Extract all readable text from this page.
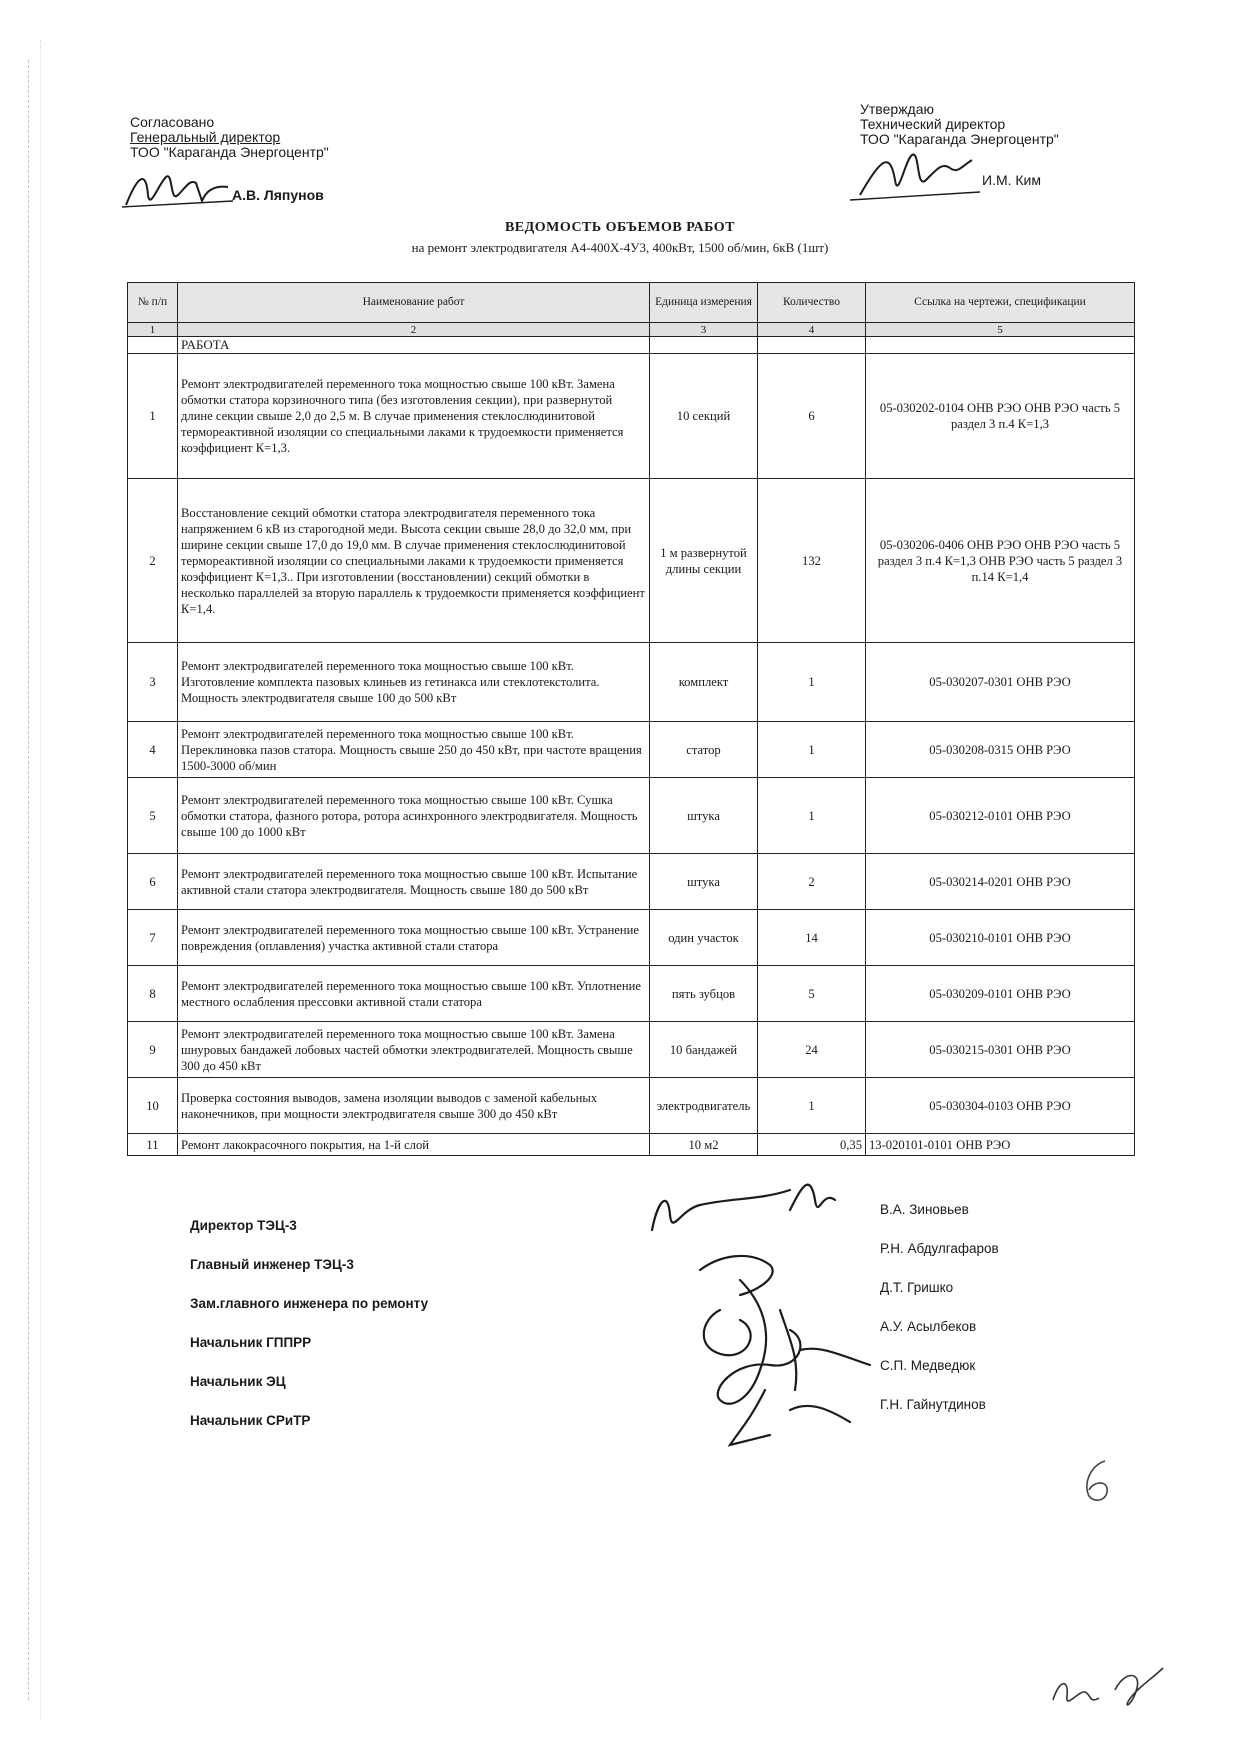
Согласовано
Генеральный директор
ТОО "Караганда Энергоцентр"
А.В. Ляпунов
Утверждаю
Технический директор
ТОО "Караганда Энергоцентр"
И.М. Ким
ВЕДОМОСТЬ ОБЪЕМОВ РАБОТ
на ремонт электродвигателя А4-400Х-4У3, 400кВт, 1500 об/мин, 6кВ (1шт)
№ п/п	Наименование работ	Единица измерения	Количество	Ссылка на чертежи, спецификации
1	2	3	4	5
	РАБОТА			
1	Ремонт электродвигателей переменного тока мощностью свыше 100 кВт. Замена обмотки статора корзиночного типа (без изготовления секции), при развернутой длине секции свыше 2,0 до 2,5 м. В случае применения стеклослюдинитовой термореактивной изоляции со специальными лаками к трудоемкости применяется коэффициент К=1,3.	10 секций	6	05-030202-0104 ОНВ РЭО ОНВ РЭО часть 5 раздел 3 п.4 К=1,3
2	Восстановление секций обмотки статора электродвигателя переменного тока напряжением 6 кВ из старогодной меди. Высота секции свыше 28,0 до 32,0 мм, при ширине секции свыше 17,0 до 19,0 мм. В случае применения стеклослюдинитовой термореактивной изоляции со специальными лаками к трудоемкости применяется коэффициент К=1,3.. При изготовлении (восстановлении) секций обмотки в несколько параллелей за вторую параллель к трудоемкости применяется коэффициент К=1,4.	1 м развернутой длины секции	132	05-030206-0406 ОНВ РЭО ОНВ РЭО часть 5 раздел 3 п.4 К=1,3 ОНВ РЭО часть 5 раздел 3 п.14 К=1,4
3	Ремонт электродвигателей переменного тока мощностью свыше 100 кВт. Изготовление комплекта пазовых клиньев из гетинакса или стеклотекстолита. Мощность электродвигателя свыше 100 до 500 кВт	комплект	1	05-030207-0301 ОНВ РЭО
4	Ремонт электродвигателей переменного тока мощностью свыше 100 кВт. Переклиновка пазов статора. Мощность свыше 250 до 450 кВт, при частоте вращения 1500-3000 об/мин	статор	1	05-030208-0315 ОНВ РЭО
5	Ремонт электродвигателей переменного тока мощностью свыше 100 кВт. Сушка обмотки статора, фазного ротора, ротора асинхронного электродвигателя. Мощность свыше 100 до 1000 кВт	штука	1	05-030212-0101 ОНВ РЭО
6	Ремонт электродвигателей переменного тока мощностью свыше 100 кВт. Испытание активной стали статора электродвигателя. Мощность свыше 180 до 500 кВт	штука	2	05-030214-0201 ОНВ РЭО
7	Ремонт электродвигателей переменного тока мощностью свыше 100 кВт. Устранение повреждения (оплавления) участка активной стали статора	один участок	14	05-030210-0101 ОНВ РЭО
8	Ремонт электродвигателей переменного тока мощностью свыше 100 кВт. Уплотнение местного ослабления прессовки активной стали статора	пять зубцов	5	05-030209-0101 ОНВ РЭО
9	Ремонт электродвигателей переменного тока мощностью свыше 100 кВт. Замена шнуровых бандажей лобовых частей обмотки электродвигателей. Мощность свыше 300 до 450 кВт	10 бандажей	24	05-030215-0301 ОНВ РЭО
10	Проверка состояния выводов, замена изоляции выводов с заменой кабельных наконечников, при мощности электродвигателя свыше 300 до 450 кВт	электродвигатель	1	05-030304-0103 ОНВ РЭО
11	Ремонт лакокрасочного покрытия, на 1-й слой	10 м2	0,35	13-020101-0101 ОНВ РЭО
Директор ТЭЦ-3
Главный инженер ТЭЦ-3
Зам.главного инженера по ремонту
Начальник ГППРР
Начальник ЭЦ
Начальник СРиТР
В.А. Зиновьев
Р.Н. Абдулгафаров
Д.Т. Гришко
А.У. Асылбеков
С.П. Медведюк
Г.Н. Гайнутдинов
